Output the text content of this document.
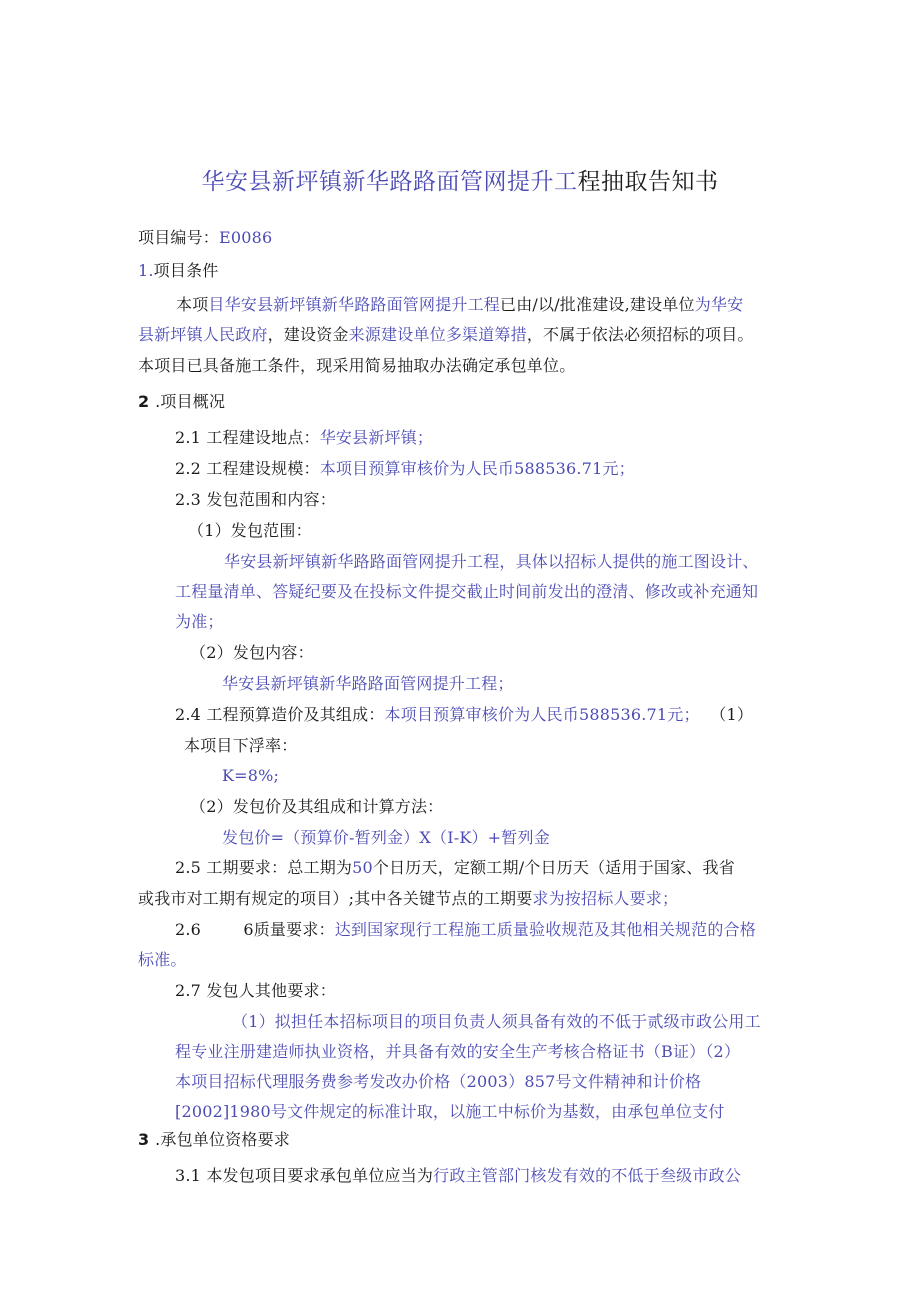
华安县新坪镇新华路路面管网提升工程抽取告知书
项目编号：E0086
1.项目条件
本项目华安县新坪镇新华路路面管网提升工程已由/以/批准建设,建设单位为华安
县新坪镇人民政府，建设资金来源建设单位多渠道筹措，不属于依法必须招标的项目。
本项目已具备施工条件，现采用简易抽取办法确定承包单位。
2 .项目概况
2.1 工程建设地点：华安县新坪镇；
2.2 工程建设规模：本项目预算审核价为人民币588536.71元；
2.3 发包范围和内容：
（1）发包范围：
华安县新坪镇新华路路面管网提升工程，具体以招标人提供的施工图设计、
工程量清单、答疑纪要及在投标文件提交截止时间前发出的澄清、修改或补充通知
为准；
（2）发包内容：
华安县新坪镇新华路路面管网提升工程；
2.4 工程预算造价及其组成：本项目预算审核价为人民币588536.71元； （1）
本项目下浮率：
K=8%;
（2）发包价及其组成和计算方法：
发包价=（预算价-暂列金）X（I-K）+暂列金
2.5 工期要求：总工期为50个日历天，定额工期/个日历天（适用于国家、我省
或我市对工期有规定的项目）;其中各关键节点的工期要求为按招标人要求；
2.6	6质量要求：达到国家现行工程施工质量验收规范及其他相关规范的合格
标准。
2.7 发包人其他要求：
（1）拟担任本招标项目的项目负责人须具备有效的不低于贰级市政公用工
程专业注册建造师执业资格，并具备有效的安全生产考核合格证书（B证）（2）
本项目招标代理服务费参考发改办价格（2003）857号文件精神和计价格
[2002]1980号文件规定的标准计取，以施工中标价为基数，由承包单位支付
3 .承包单位资格要求
3.1 本发包项目要求承包单位应当为行政主管部门核发有效的不低于叁级市政公
